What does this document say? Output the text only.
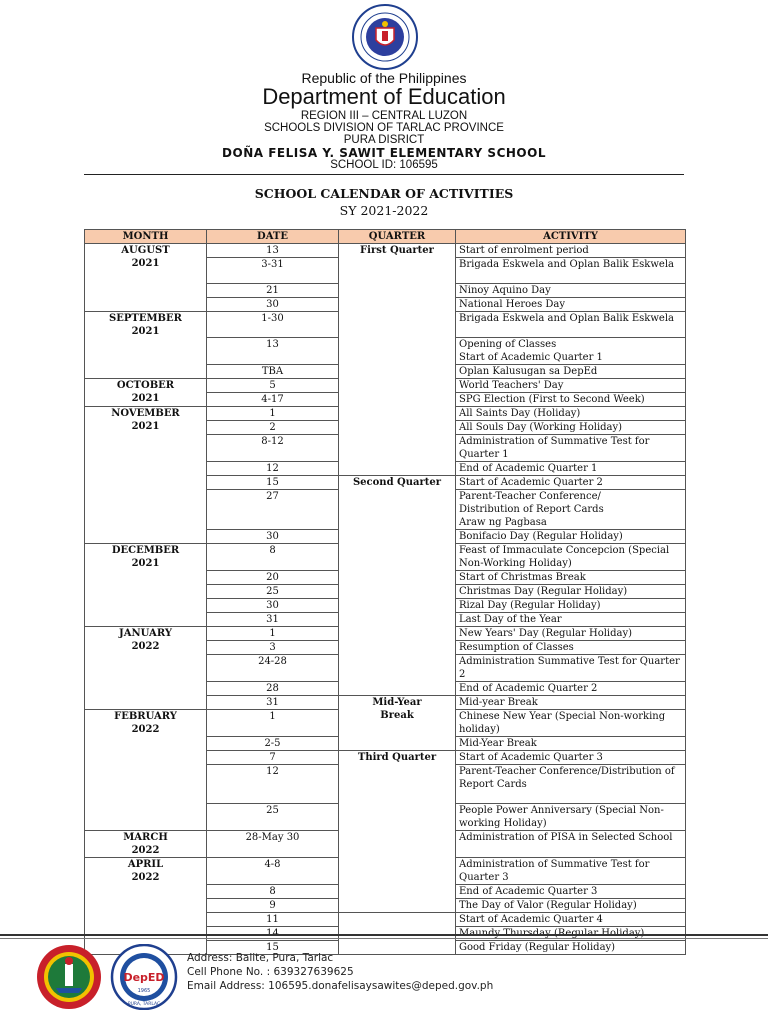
Republic of the Philippines
Department of Education
REGION III – CENTRAL LUZON
SCHOOLS DIVISION OF TARLAC PROVINCE
PURA DISRICT
DOÑA FELISA Y. SAWIT ELEMENTARY SCHOOL
SCHOOL ID: 106595
SCHOOL CALENDAR OF ACTIVITIES
SY 2021-2022
MONTH	DATE	QUARTER	ACTIVITY
AUGUST
2021	13	First Quarter	Start of enrolment period
	3-31		Brigada Eskwela and Oplan Balik Eskwela
	21		Ninoy Aquino Day
	30		National Heroes Day
SEPTEMBER
2021	1-30		Brigada Eskwela and Oplan Balik Eskwela
	13		Opening of Classes
Start of Academic Quarter 1
	TBA		Oplan Kalusugan sa DepEd
OCTOBER
2021	5		World Teachers' Day
	4-17		SPG Election (First to Second Week)
NOVEMBER
2021	1		All Saints Day (Holiday)
	2		All Souls Day (Working Holiday)
	8-12		Administration of Summative Test for Quarter 1
	12		End of Academic Quarter 1
	15	Second Quarter	Start of Academic Quarter 2
	27		Parent-Teacher Conference/
Distribution of Report Cards
Araw ng Pagbasa
	30		Bonifacio Day (Regular Holiday)
DECEMBER
2021	8		Feast of Immaculate Concepcion (Special Non-Working Holiday)
	20		Start of Christmas Break
	25		Christmas Day (Regular Holiday)
	30		Rizal Day (Regular Holiday)
	31		Last Day of the Year
JANUARY
2022	1		New Years' Day (Regular Holiday)
	3		Resumption of Classes
	24-28		Administration Summative Test for Quarter 2
	28		End of Academic Quarter 2
	31	Mid-Year
Break	Mid-year Break
FEBRUARY
2022	1		Chinese New Year (Special Non-working holiday)
	2-5		Mid-Year Break
	7	Third Quarter	Start of Academic Quarter 3
	12		Parent-Teacher Conference/Distribution of Report Cards
	25		People Power Anniversary (Special Non-working Holiday)
MARCH
2022	28-May 30		Administration of PISA in Selected School
APRIL
2022	4-8		Administration of Summative Test for Quarter 3
	8		End of Academic Quarter 3
	9		The Day of Valor (Regular Holiday)
	11		Start of Academic Quarter 4
	14		Maundy Thursday (Regular Holiday)
	15		Good Friday (Regular Holiday)
DepED
1965
PURA, TARLAC
Address: Balite, Pura, Tarlac
Cell Phone No. : 639327639625
Email Address: 106595.donafelisaysawites@deped.gov.ph
